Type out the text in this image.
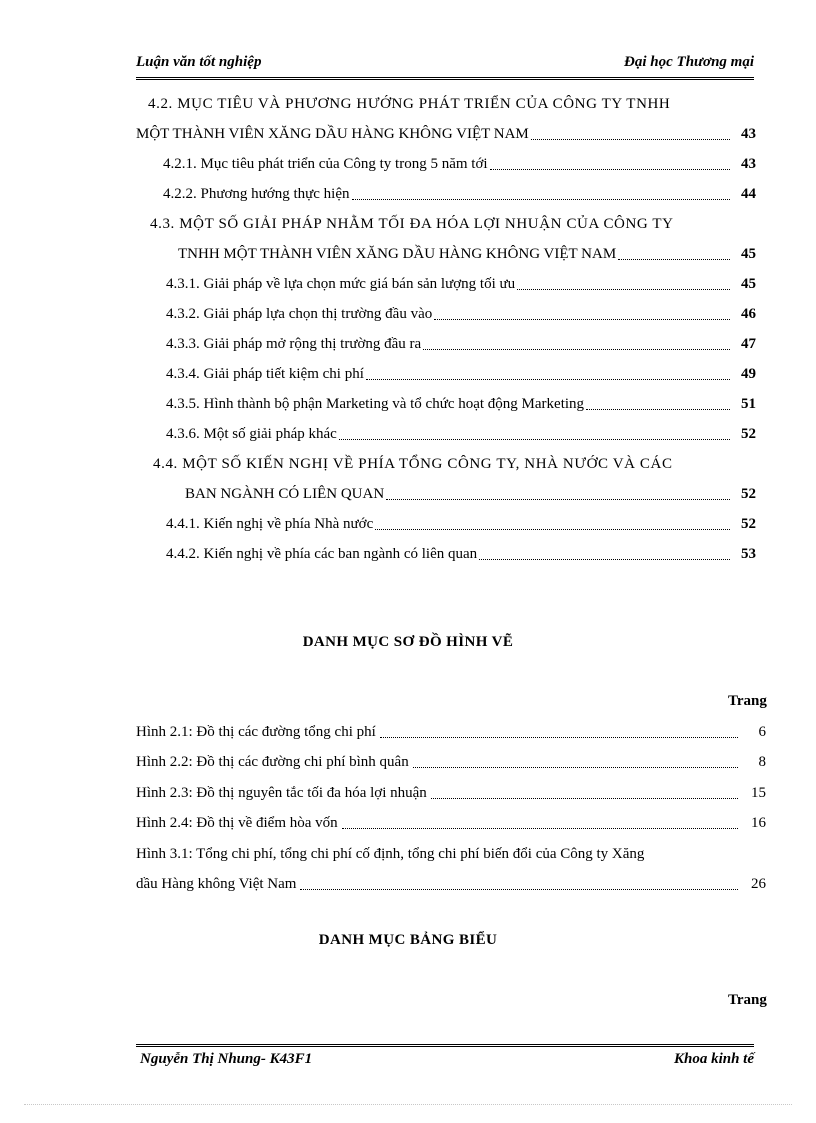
Luận văn tốt nghiệp	Đại học Thương mại
4.2. MỤC TIÊU VÀ PHƯƠNG HƯỚNG PHÁT TRIỂN CỦA CÔNG TY TNHH
MỘT THÀNH VIÊN XĂNG DẦU HÀNG KHÔNG VIỆT NAM	43
4.2.1. Mục tiêu phát triển của Công ty trong 5 năm tới	43
4.2.2. Phương hướng thực hiện	44
4.3. MỘT SỐ GIẢI PHÁP NHẰM TỐI ĐA HÓA LỢI NHUẬN CỦA CÔNG TY
TNHH MỘT THÀNH VIÊN XĂNG DẦU HÀNG KHÔNG VIỆT NAM	45
4.3.1. Giải pháp về lựa chọn mức giá bán sản lượng tối ưu	45
4.3.2. Giải pháp lựa chọn thị trường đầu vào	46
4.3.3. Giải pháp mở rộng thị trường đầu ra	47
4.3.4. Giải pháp tiết kiệm chi phí	49
4.3.5. Hình thành bộ phận Marketing và tổ chức hoạt động Marketing	51
4.3.6. Một số giải pháp khác	52
4.4. MỘT SỐ KIẾN NGHỊ VỀ PHÍA TỔNG CÔNG TY, NHÀ NƯỚC VÀ CÁC
BAN NGÀNH CÓ LIÊN QUAN	52
4.4.1. Kiến nghị về phía Nhà nước	52
4.4.2. Kiến nghị về phía các ban ngành có liên quan	53
DANH MỤC SƠ ĐỒ HÌNH VẼ
Trang
Hình 2.1: Đồ thị các đường tổng chi phí	6
Hình 2.2: Đồ thị các đường chi phí bình quân	8
Hình 2.3: Đồ thị nguyên tắc tối đa hóa lợi nhuận	15
Hình 2.4: Đồ thị về điểm hòa vốn	16
Hình 3.1: Tổng chi phí, tổng chi phí cố định, tổng chi phí biến đổi của Công ty Xăng
dầu Hàng không Việt Nam	26
DANH MỤC BẢNG BIỂU
Trang
Nguyễn Thị Nhung- K43F1	Khoa kinh tế
